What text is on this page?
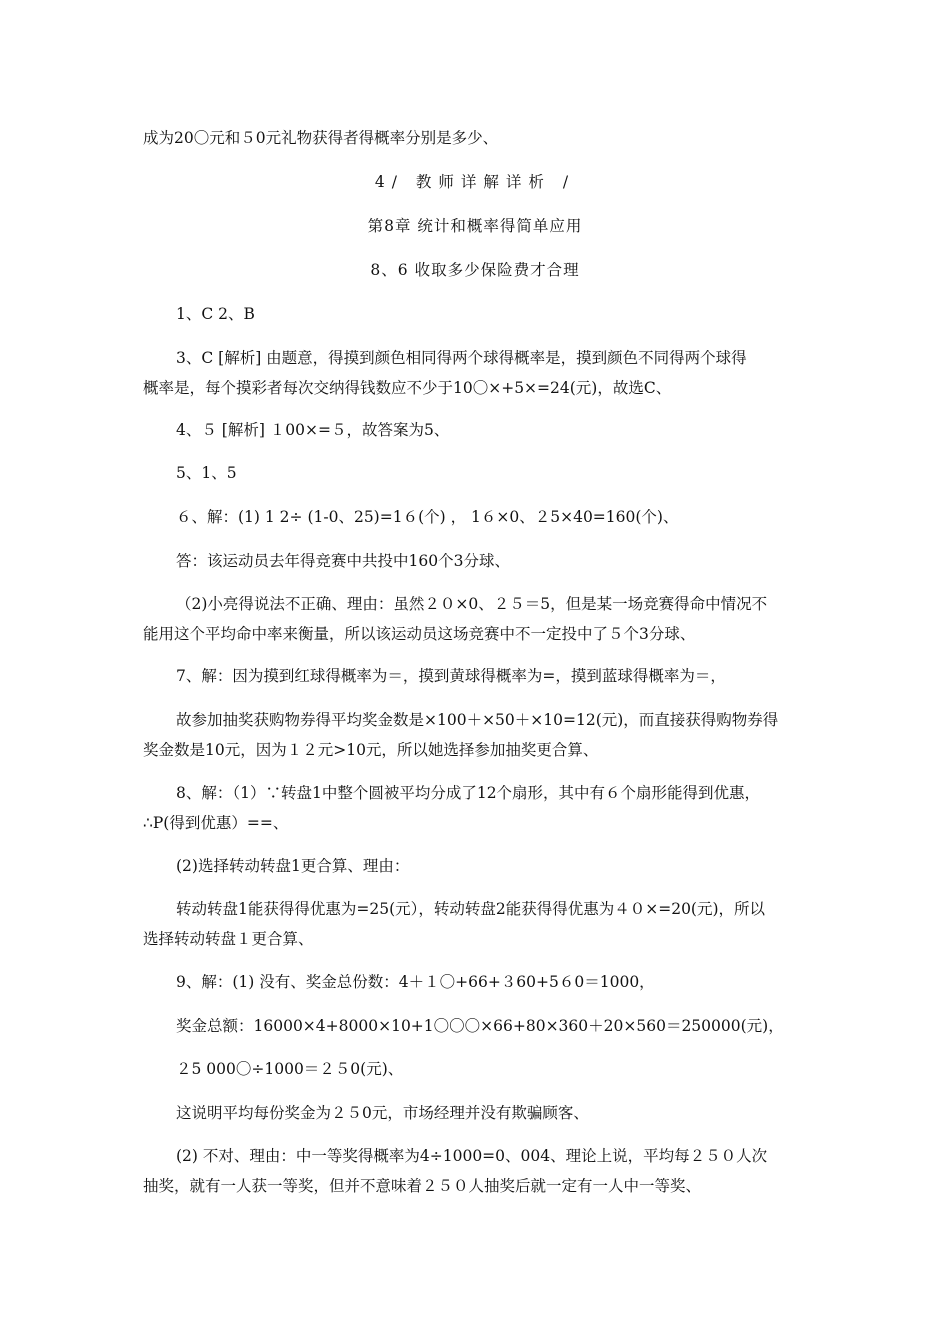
成为20〇元和５0元礼物获得者得概率分别是多少、
4/ 教师详解详析 /
第8章 统计和概率得简单应用
8、6 收取多少保险费才合理
1、C 2、B
3、C [解析] 由题意，得摸到颜色相同得两个球得概率是，摸到颜色不同得两个球得
概率是，每个摸彩者每次交纳得钱数应不少于10〇×+5×=24(元)，故选C、
4、５ [解析] １00×=５，故答案为5、
5、1、5
６、解：(1) 1 2÷ (1-0、25)=1６(个) ， 1６×0、２5×40=160(个)、
答：该运动员去年得竞赛中共投中160个3分球、
（2)小亮得说法不正确、理由：虽然２０×0、２５＝5，但是某一场竞赛得命中情况不
能用这个平均命中率来衡量，所以该运动员这场竞赛中不一定投中了５个3分球、
7、解：因为摸到红球得概率为＝，摸到黄球得概率为=，摸到蓝球得概率为＝，
故参加抽奖获购物券得平均奖金数是×100＋×50＋×10=12(元)，而直接获得购物券得
奖金数是10元，因为１２元>10元，所以她选择参加抽奖更合算、
8、解：（1）∵转盘1中整个圆被平均分成了12个扇形，其中有６个扇形能得到优惠，
∴P(得到优惠）==、
(2)选择转动转盘1更合算、理由：
转动转盘1能获得得优惠为=25(元），转动转盘2能获得得优惠为４０×=20(元)，所以
选择转动转盘１更合算、
9、解：(1) 没有、奖金总份数：4＋１〇+66+３60+5６0＝1000，
奖金总额：16000×4+8000×10+1〇〇〇×66+80×360＋20×560＝250000(元)，
２5 000〇÷1000＝２５0(元)、
这说明平均每份奖金为２５0元，市场经理并没有欺骗顾客、
(2) 不对、理由：中一等奖得概率为4÷1000=0、004、理论上说，平均每２５０人次
抽奖，就有一人获一等奖，但并不意味着２５０人抽奖后就一定有一人中一等奖、
